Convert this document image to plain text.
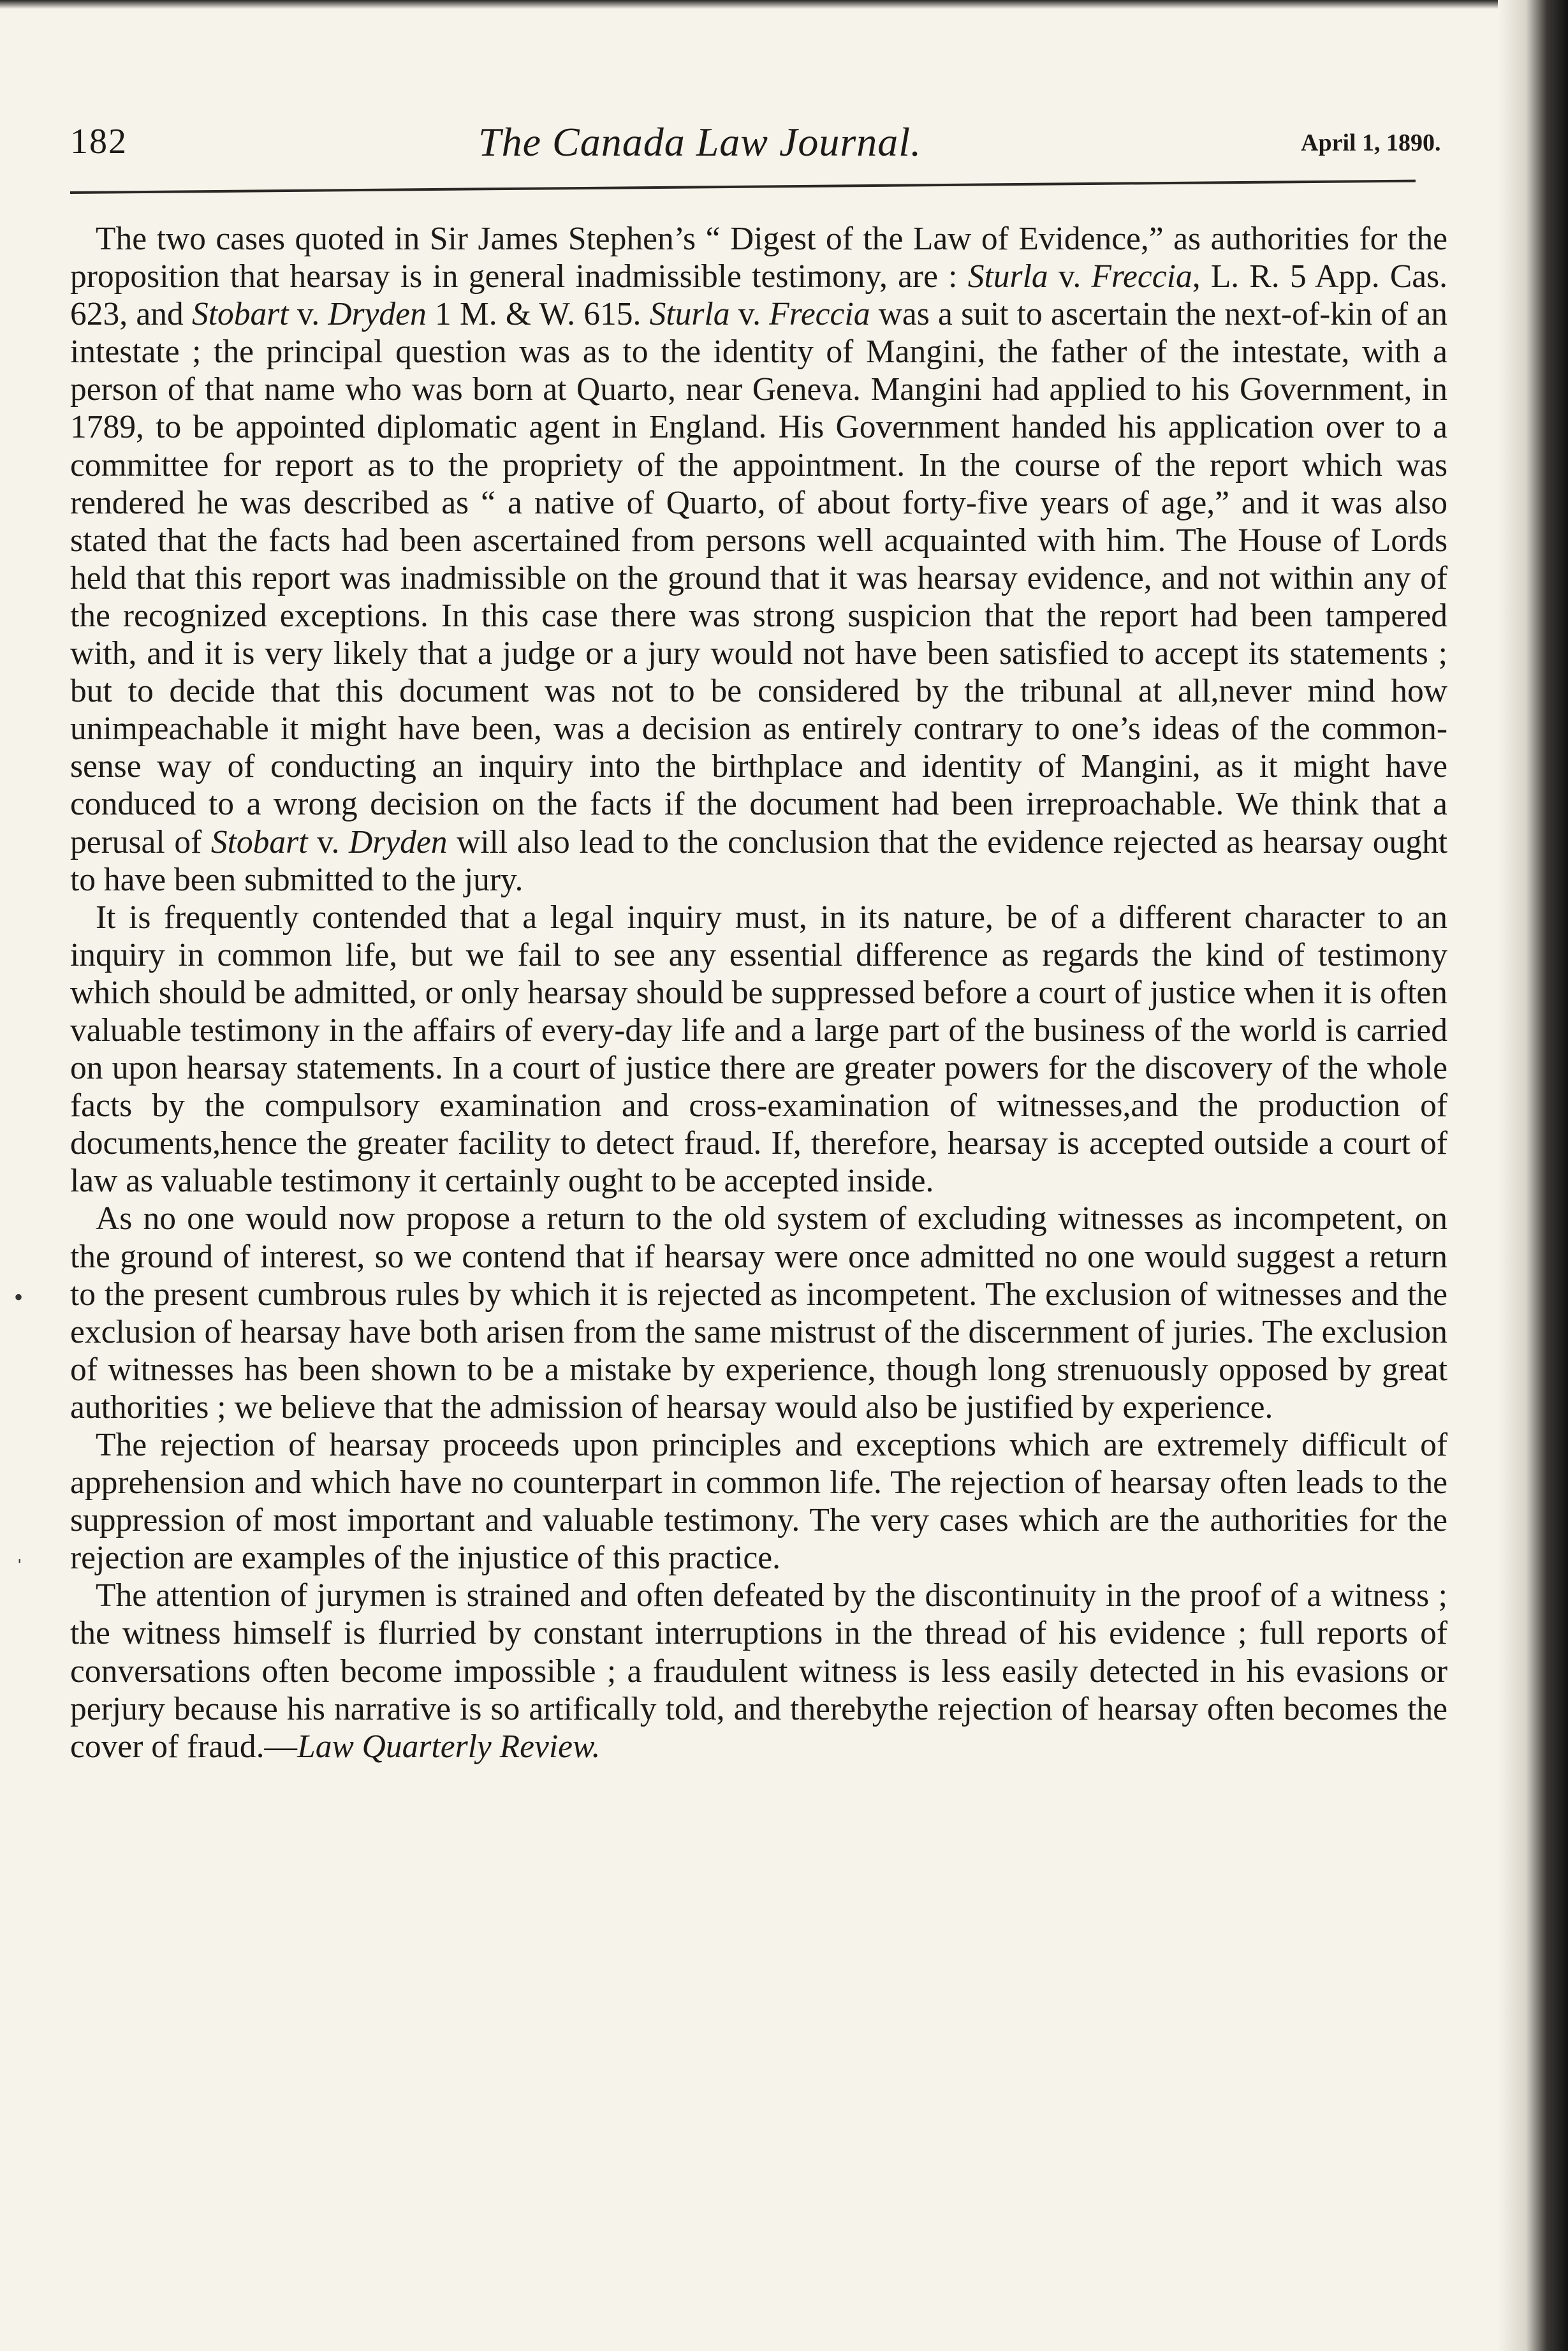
182	The Canada Law Journal.	April 1, 1890.

The two cases quoted in Sir James Stephen’s “ Digest of the Law of Evidence,” as authorities for the proposition that hearsay is in general inadmissible testimony, are : Sturla v. Freccia, L. R. 5 App. Cas. 623, and Stobart v. Dryden 1 M. & W. 615. Sturla v. Freccia was a suit to ascertain the next-of-kin of an intestate ; the principal question was as to the identity of Mangini, the father of the intestate, with a person of that name who was born at Quarto, near Geneva. Mangini had applied to his Government, in 1789, to be appointed diplomatic agent in England. His Government handed his application over to a committee for report as to the propriety of the appointment. In the course of the report which was rendered he was described as “ a native of Quarto, of about forty-five years of age,” and it was also stated that the facts had been ascertained from persons well acquainted with him. The House of Lords held that this report was inadmissible on the ground that it was hearsay evidence, and not within any of the recognized exceptions. In this case there was strong suspicion that the report had been tampered with, and it is very likely that a judge or a jury would not have been satisfied to accept its statements ; but to decide that this document was not to be considered by the tribunal at all,never mind how unimpeachable it might have been, was a decision as entirely contrary to one’s ideas of the common-sense way of conducting an inquiry into the birthplace and identity of Mangini, as it might have conduced to a wrong decision on the facts if the document had been irreproachable. We think that a perusal of Stobart v. Dryden will also lead to the conclusion that the evidence rejected as hearsay ought to have been submitted to the jury.

It is frequently contended that a legal inquiry must, in its nature, be of a different character to an inquiry in common life, but we fail to see any essential difference as regards the kind of testimony which should be admitted, or only hearsay should be suppressed before a court of justice when it is often valuable testimony in the affairs of every-day life and a large part of the business of the world is carried on upon hearsay statements. In a court of justice there are greater powers for the discovery of the whole facts by the compulsory examination and cross-examination of witnesses,and the production of documents,hence the greater facility to detect fraud. If, therefore, hearsay is accepted outside a court of law as valuable testimony it certainly ought to be accepted inside.

As no one would now propose a return to the old system of excluding witnesses as incompetent, on the ground of interest, so we contend that if hearsay were once admitted no one would suggest a return to the present cumbrous rules by which it is rejected as incompetent. The exclusion of witnesses and the exclusion of hearsay have both arisen from the same mistrust of the discernment of juries. The exclusion of witnesses has been shown to be a mistake by experience, though long strenuously opposed by great authorities ; we believe that the admission of hearsay would also be justified by experience.

The rejection of hearsay proceeds upon principles and exceptions which are extremely difficult of apprehension and which have no counterpart in common life. The rejection of hearsay often leads to the suppression of most important and valuable testimony. The very cases which are the authorities for the rejection are examples of the injustice of this practice.

The attention of jurymen is strained and often defeated by the discontinuity in the proof of a witness ; the witness himself is flurried by constant interruptions in the thread of his evidence ; full reports of conversations often become impossible ; a fraudulent witness is less easily detected in his evasions or perjury because his narrative is so artifically told, and therebythe rejection of hearsay often becomes the cover of fraud.—Law Quarterly Review.

•
ˌ
